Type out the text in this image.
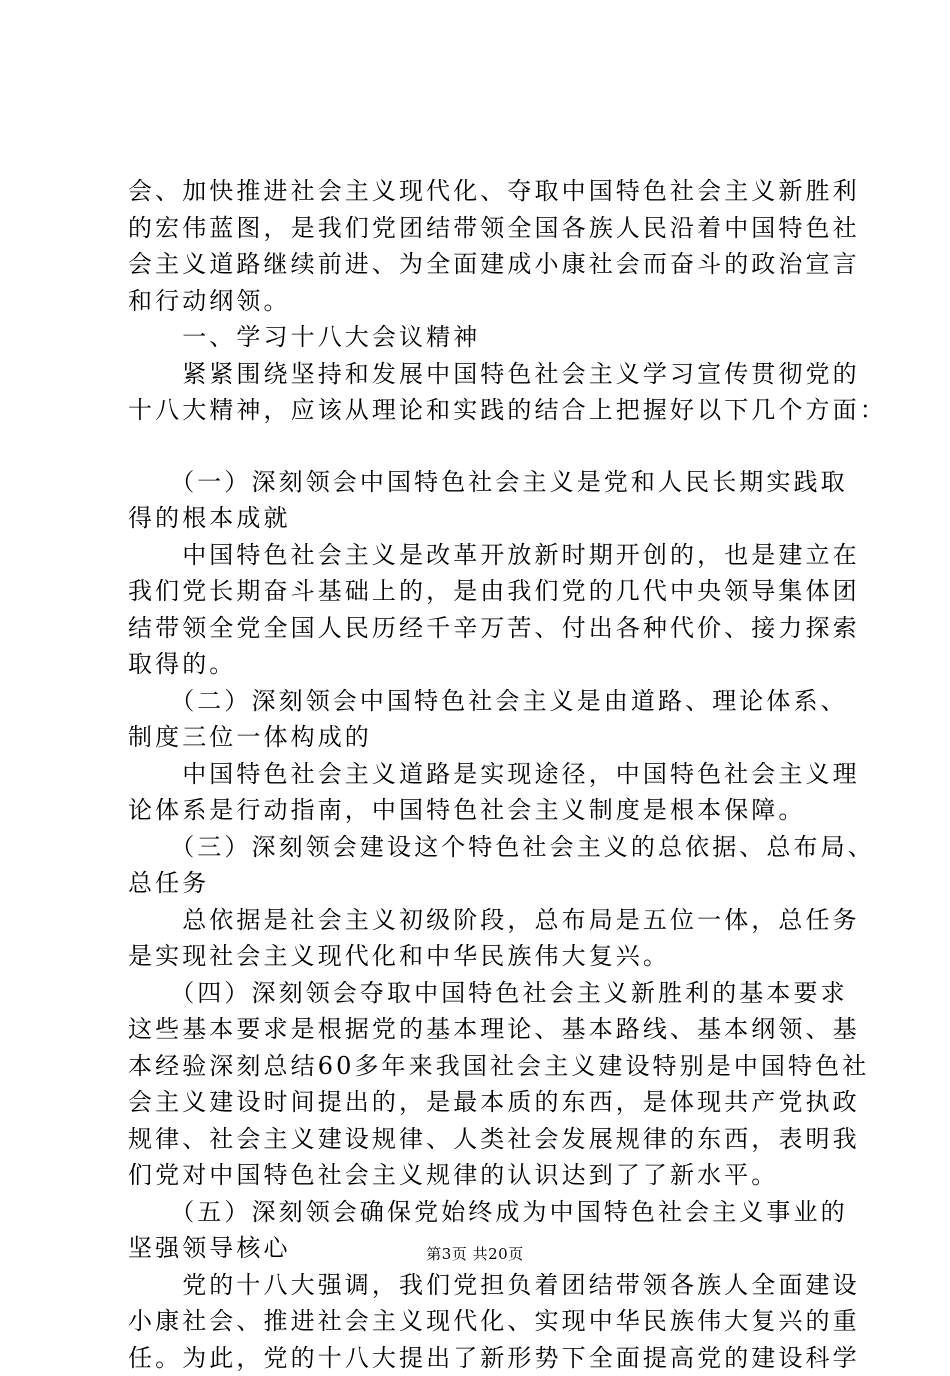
会、加快推进社会主义现代化、夺取中国特色社会主义新胜利
的宏伟蓝图，是我们党团结带领全国各族人民沿着中国特色社
会主义道路继续前进、为全面建成小康社会而奋斗的政治宣言
和行动纲领。
　　一、学习十八大会议精神
　　紧紧围绕坚持和发展中国特色社会主义学习宣传贯彻党的
十八大精神，应该从理论和实践的结合上把握好以下几个方面：
　　（一）深刻领会中国特色社会主义是党和人民长期实践取
得的根本成就
　　中国特色社会主义是改革开放新时期开创的，也是建立在
我们党长期奋斗基础上的，是由我们党的几代中央领导集体团
结带领全党全国人民历经千辛万苦、付出各种代价、接力探索
取得的。
　　（二）深刻领会中国特色社会主义是由道路、理论体系、
制度三位一体构成的
　　中国特色社会主义道路是实现途径，中国特色社会主义理
论体系是行动指南，中国特色社会主义制度是根本保障。
　　（三）深刻领会建设这个特色社会主义的总依据、总布局、
总任务
　　总依据是社会主义初级阶段，总布局是五位一体，总任务
是实现社会主义现代化和中华民族伟大复兴。
　　（四）深刻领会夺取中国特色社会主义新胜利的基本要求
这些基本要求是根据党的基本理论、基本路线、基本纲领、基
本经验深刻总结60多年来我国社会主义建设特别是中国特色社
会主义建设时间提出的，是最本质的东西，是体现共产党执政
规律、社会主义建设规律、人类社会发展规律的东西，表明我
们党对中国特色社会主义规律的认识达到了了新水平。
　　（五）深刻领会确保党始终成为中国特色社会主义事业的
坚强领导核心
　　党的十八大强调，我们党担负着团结带领各族人全面建设
小康社会、推进社会主义现代化、实现中华民族伟大复兴的重
任。为此，党的十八大提出了新形势下全面提高党的建设科学
第3页 共20页
